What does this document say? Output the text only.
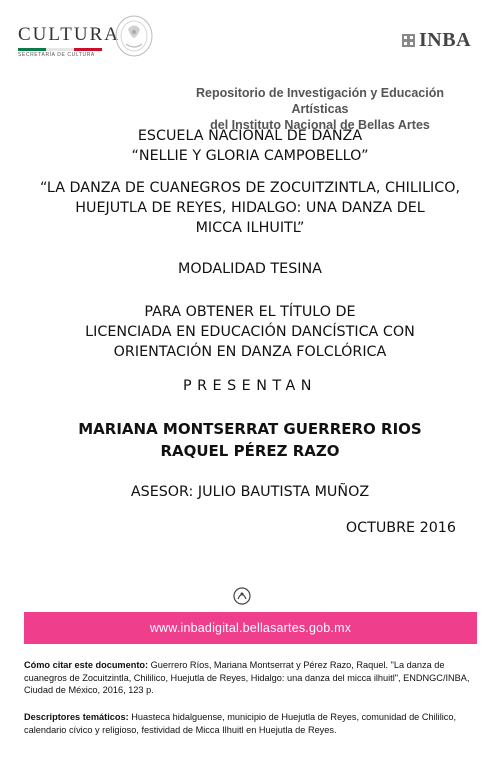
CULTURA
SECRETARÍA DE CULTURA
INBA
Repositorio de Investigación y Educación Artísticas
del Instituto Nacional de Bellas Artes
ESCUELA NACIONAL DE DANZA
“NELLIE Y GLORIA CAMPOBELLO”
“LA DANZA DE CUANEGROS DE ZOCUITZINTLA, CHILILICO,
HUEJUTLA DE REYES, HIDALGO: UNA DANZA DEL
MICCA ILHUITL”
MODALIDAD TESINA
PARA OBTENER EL TÍTULO DE
LICENCIADA EN EDUCACIÓN DANCÍSTICA CON
ORIENTACIÓN EN DANZA FOLCLÓRICA
PRESENTAN
MARIANA MONTSERRAT GUERRERO RIOS
RAQUEL PÉREZ RAZO
ASESOR: JULIO BAUTISTA MUÑOZ
OCTUBRE 2016
www.inbadigital.bellasartes.gob.mx
Cómo citar este documento: Guerrero Ríos, Mariana Montserrat y Pérez Razo, Raquel. "La danza de cuanegros de Zocuitzintla, Chililico, Huejutla de Reyes, Hidalgo: una danza del micca ilhuitl", ENDNGC/INBA, Ciudad de México, 2016, 123 p.
Descriptores temáticos: Huasteca hidalguense, municipio de Huejutla de Reyes, comunidad de Chililico, calendario cívico y religioso, festividad de Micca Ilhuitl en Huejutla de Reyes.
